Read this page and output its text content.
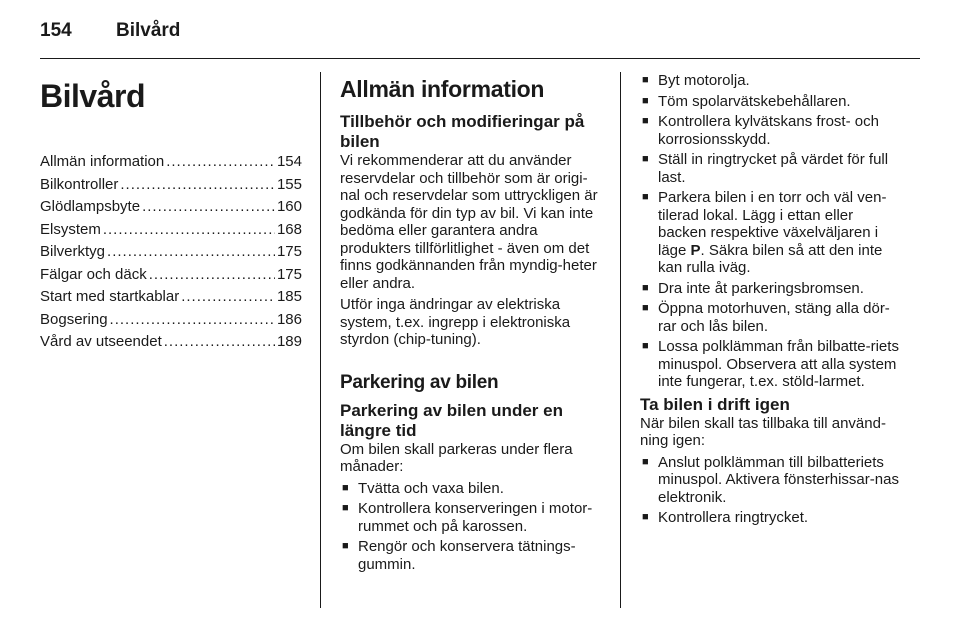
154 Bilvård
Bilvård
Allmän information .....	154
Bilkontroller .....	155
Glödlampsbyte .....	160
Elsystem .....	168
Bilverktyg .....	175
Fälgar och däck .....	175
Start med startkablar .....	185
Bogsering .....	186
Vård av utseendet .....	189
Allmän information
Tillbehör och modifieringar på bilen

Vi rekommenderar att du använder reservdelar och tillbehör som är origi-nal och reservdelar som uttryckligen är godkända för din typ av bil. Vi kan inte bedöma eller garantera andra produkters tillförlitlighet - även om det finns godkännanden från myndig-heter eller andra.

Utför inga ändringar av elektriska system, t.ex. ingrepp i elektroniska styrdon (chip-tuning).

Parkering av bilen
Parkering av bilen under en längre tid

Om bilen skall parkeras under flera månader:

■ Tvätta och vaxa bilen.
■ Kontrollera konserveringen i motor-rummet och på karossen.
■ Rengör och konservera tätnings-gummin.
■ Byt motorolja.
■ Töm spolarvätskebehållaren.
■ Kontrollera kylvätskans frost- och korrosionsskydd.
■ Ställ in ringtrycket på värdet för full last.
■ Parkera bilen i en torr och väl ven-tilerad lokal. Lägg i ettan eller backen respektive växelväljaren i läge P. Säkra bilen så att den inte kan rulla iväg.
■ Dra inte åt parkeringsbromsen.
■ Öppna motorhuven, stäng alla dör-rar och lås bilen.
■ Lossa polklämman från bilbatte-riets minuspol. Observera att alla system inte fungerar, t.ex. stöld-larmet.
Ta bilen i drift igen

När bilen skall tas tillbaka till använd-ning igen:

■ Anslut polklämman till bilbatteriets minuspol. Aktivera fönsterhissar-nas elektronik.
■ Kontrollera ringtrycket.
